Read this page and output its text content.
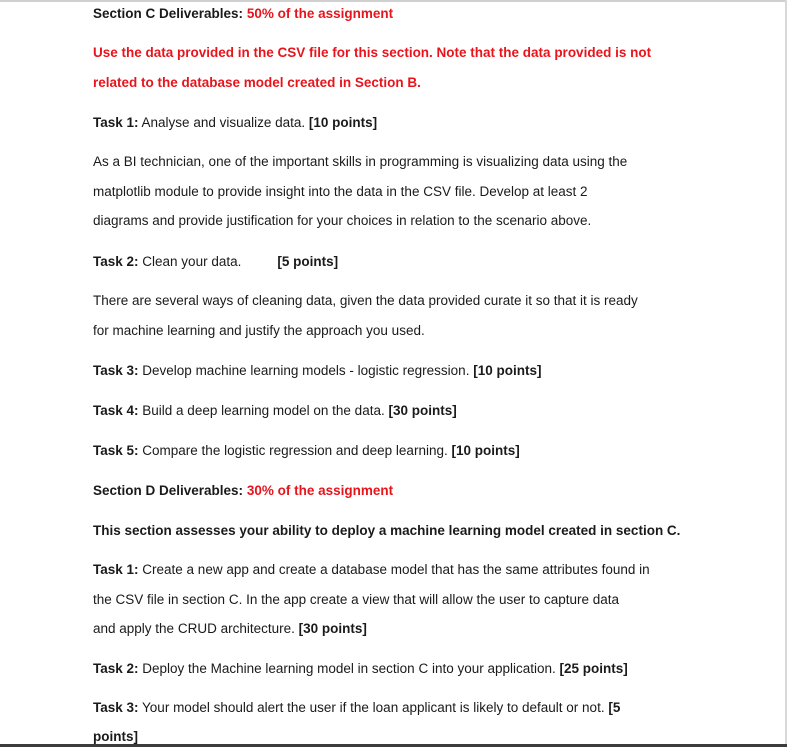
Section C Deliverables: 50% of the assignment
Use the data provided in the CSV file for this section. Note that the data provided is not
related to the database model created in Section B.
Task 1: Analyse and visualize data. [10 points]
As a BI technician, one of the important skills in programming is visualizing data using the
matplotlib module to provide insight into the data in the CSV file. Develop at least 2
diagrams and provide justification for your choices in relation to the scenario above.
Task 2: Clean your data.	[5 points]
There are several ways of cleaning data, given the data provided curate it so that it is ready
for machine learning and justify the approach you used.
Task 3: Develop machine learning models - logistic regression. [10 points]
Task 4: Build a deep learning model on the data. [30 points]
Task 5: Compare the logistic regression and deep learning. [10 points]
Section D Deliverables: 30% of the assignment
This section assesses your ability to deploy a machine learning model created in section C.
Task 1: Create a new app and create a database model that has the same attributes found in
the CSV file in section C. In the app create a view that will allow the user to capture data
and apply the CRUD architecture. [30 points]
Task 2: Deploy the Machine learning model in section C into your application. [25 points]
Task 3: Your model should alert the user if the loan applicant is likely to default or not. [5
points]
